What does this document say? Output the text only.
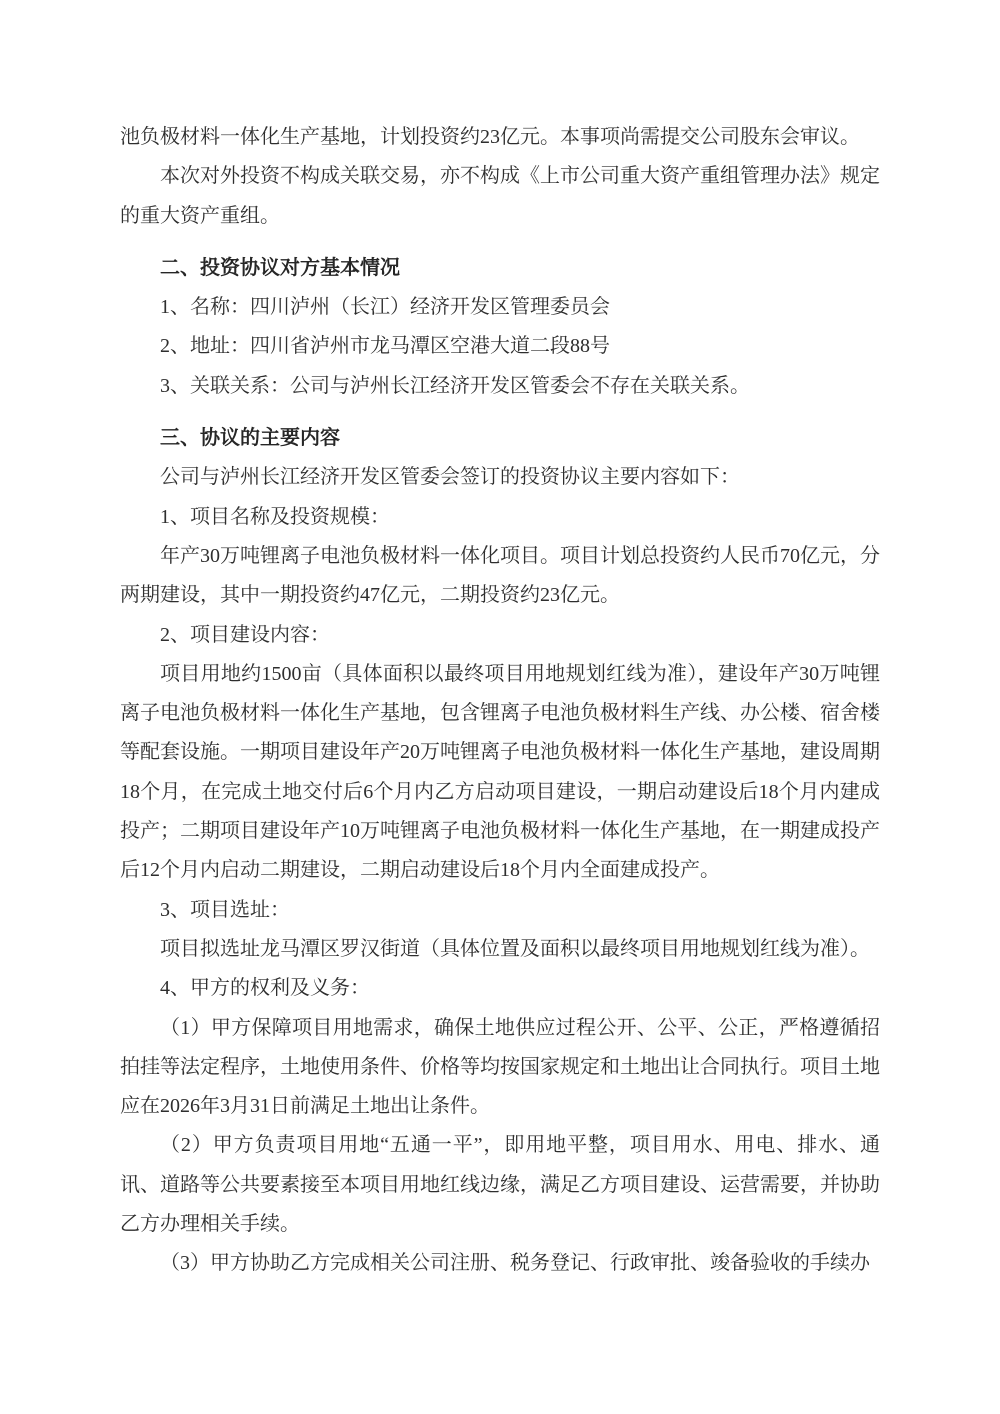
池负极材料一体化生产基地，计划投资约23亿元。本事项尚需提交公司股东会审议。

本次对外投资不构成关联交易，亦不构成《上市公司重大资产重组管理办法》规定的重大资产重组。

二、投资协议对方基本情况

1、名称：四川泸州（长江）经济开发区管理委员会

2、地址：四川省泸州市龙马潭区空港大道二段88号

3、关联关系：公司与泸州长江经济开发区管委会不存在关联关系。

三、协议的主要内容

公司与泸州长江经济开发区管委会签订的投资协议主要内容如下：

1、项目名称及投资规模：

年产30万吨锂离子电池负极材料一体化项目。项目计划总投资约人民币70亿元，分两期建设，其中一期投资约47亿元，二期投资约23亿元。

2、项目建设内容：

项目用地约1500亩（具体面积以最终项目用地规划红线为准），建设年产30万吨锂离子电池负极材料一体化生产基地，包含锂离子电池负极材料生产线、办公楼、宿舍楼等配套设施。一期项目建设年产20万吨锂离子电池负极材料一体化生产基地，建设周期18个月，在完成土地交付后6个月内乙方启动项目建设，一期启动建设后18个月内建成投产；二期项目建设年产10万吨锂离子电池负极材料一体化生产基地，在一期建成投产后12个月内启动二期建设，二期启动建设后18个月内全面建成投产。

3、项目选址：

项目拟选址龙马潭区罗汉街道（具体位置及面积以最终项目用地规划红线为准）。

4、甲方的权利及义务：

（1）甲方保障项目用地需求，确保土地供应过程公开、公平、公正，严格遵循招拍挂等法定程序，土地使用条件、价格等均按国家规定和土地出让合同执行。项目土地应在2026年3月31日前满足土地出让条件。

（2）甲方负责项目用地“五通一平”，即用地平整，项目用水、用电、排水、通讯、道路等公共要素接至本项目用地红线边缘，满足乙方项目建设、运营需要，并协助乙方办理相关手续。

（3）甲方协助乙方完成相关公司注册、税务登记、行政审批、竣备验收的手续办
